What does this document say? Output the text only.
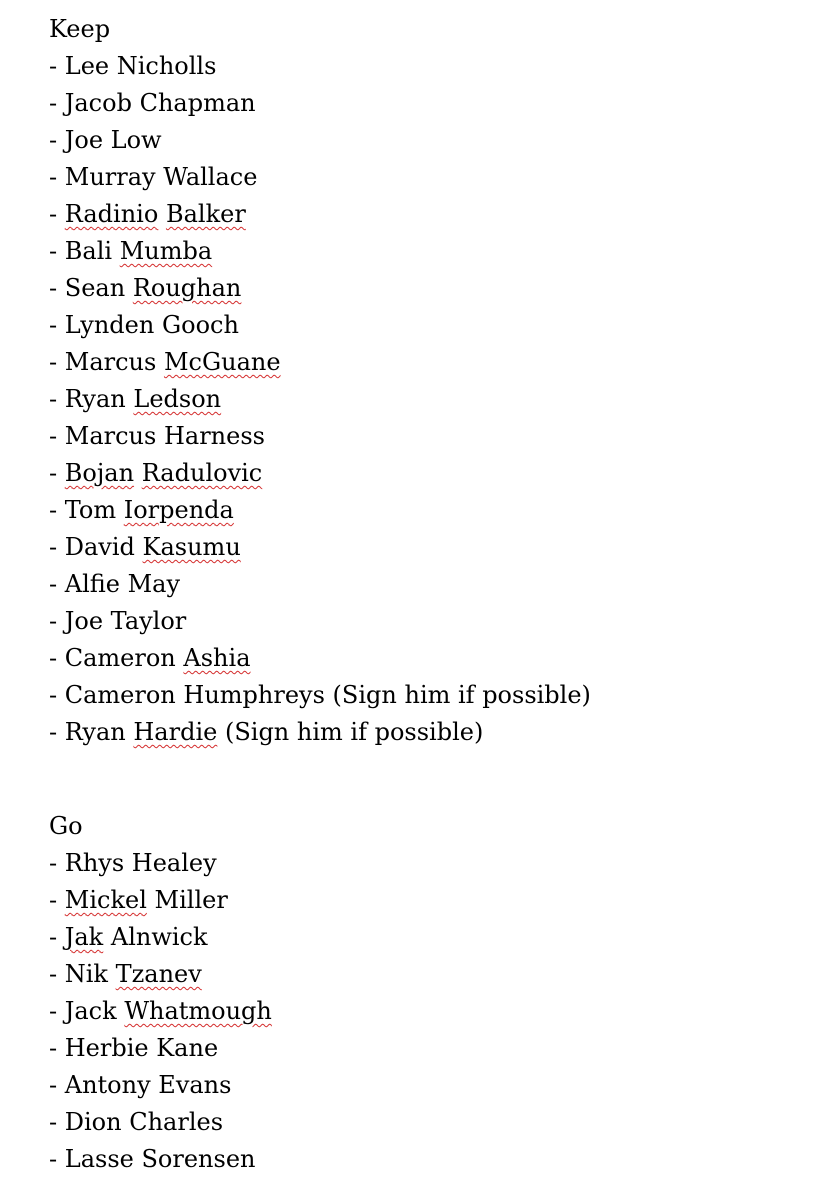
Keep
- Lee Nicholls
- Jacob Chapman
- Joe Low
- Murray Wallace
- Radinio Balker
- Bali Mumba
- Sean Roughan
- Lynden Gooch
- Marcus McGuane
- Ryan Ledson
- Marcus Harness
- Bojan Radulovic
- Tom Iorpenda
- David Kasumu
- Alfie May
- Joe Taylor
- Cameron Ashia
- Cameron Humphreys (Sign him if possible)
- Ryan Hardie (Sign him if possible)
Go
- Rhys Healey
- Mickel Miller
- Jak Alnwick
- Nik Tzanev
- Jack Whatmough
- Herbie Kane
- Antony Evans
- Dion Charles
- Lasse Sorensen
